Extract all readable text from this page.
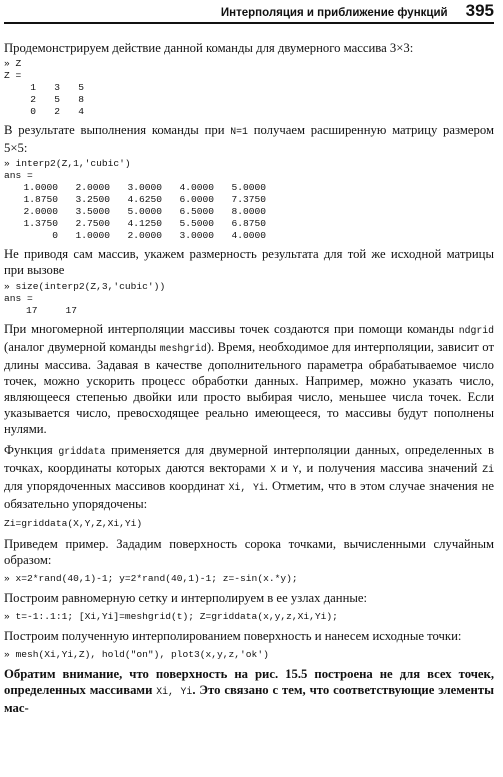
Интерполяция и приближение функций 395

Продемонстрируем действие данной команды для двумерного массива 3×3:

» Z
Z =
1	3	5
2	5	8
0	2	4

В результате выполнения команды при N=1 получаем расширенную матрицу размером 5×5:

» interp2(Z,1,'cubic')
ans =
1.0000	2.0000	3.0000	4.0000	5.0000
1.8750	3.2500	4.6250	6.0000	7.3750
2.0000	3.5000	5.0000	6.5000	8.0000
1.3750	2.7500	4.1250	5.5000	6.8750
0	1.0000	2.0000	3.0000	4.0000

Не приводя сам массив, укажем размерность результата для той же исходной матрицы при вызове

» size(interp2(Z,3,'cubic'))
ans =
17	17

При многомерной интерполяции массивы точек создаются при помощи команды ndgrid (аналог двумерной команды meshgrid). Время, необходимое для интерполяции, зависит от длины массива. Задавая в качестве дополнительного параметра обрабатываемое число точек, можно ускорить процесс обработки данных. Например, можно указать число, являющееся степенью двойки или просто выбирая число, меньшее числа точек. Если указывается число, превосходящее реально имеющееся, то массивы будут пополнены нулями.

Функция griddata применяется для двумерной интерполяции данных, определенных в точках, координаты которых даются векторами X и Y, и получения массива значений Zi для упорядоченных массивов координат Xi, Yi. Отметим, что в этом случае значения не обязательно упорядочены:

Zi=griddata(X,Y,Z,Xi,Yi)

Приведем пример. Зададим поверхность сорока точками, вычисленными случайным образом:

» x=2*rand(40,1)-1; y=2*rand(40,1)-1; z=-sin(x.*y);

Построим равномерную сетку и интерполируем в ее узлах данные:

» t=-1:.1:1; [Xi,Yi]=meshgrid(t); Z=griddata(x,y,z,Xi,Yi);

Построим полученную интерполированием поверхность и нанесем исходные точки:

» mesh(Xi,Yi,Z), hold("on"), plot3(x,y,z,'ok')

Обратим внимание, что поверхность на рис. 15.5 построена не для всех точек, определенных массивами Xi, Yi. Это связано с тем, что соответствующие элементы мас-
